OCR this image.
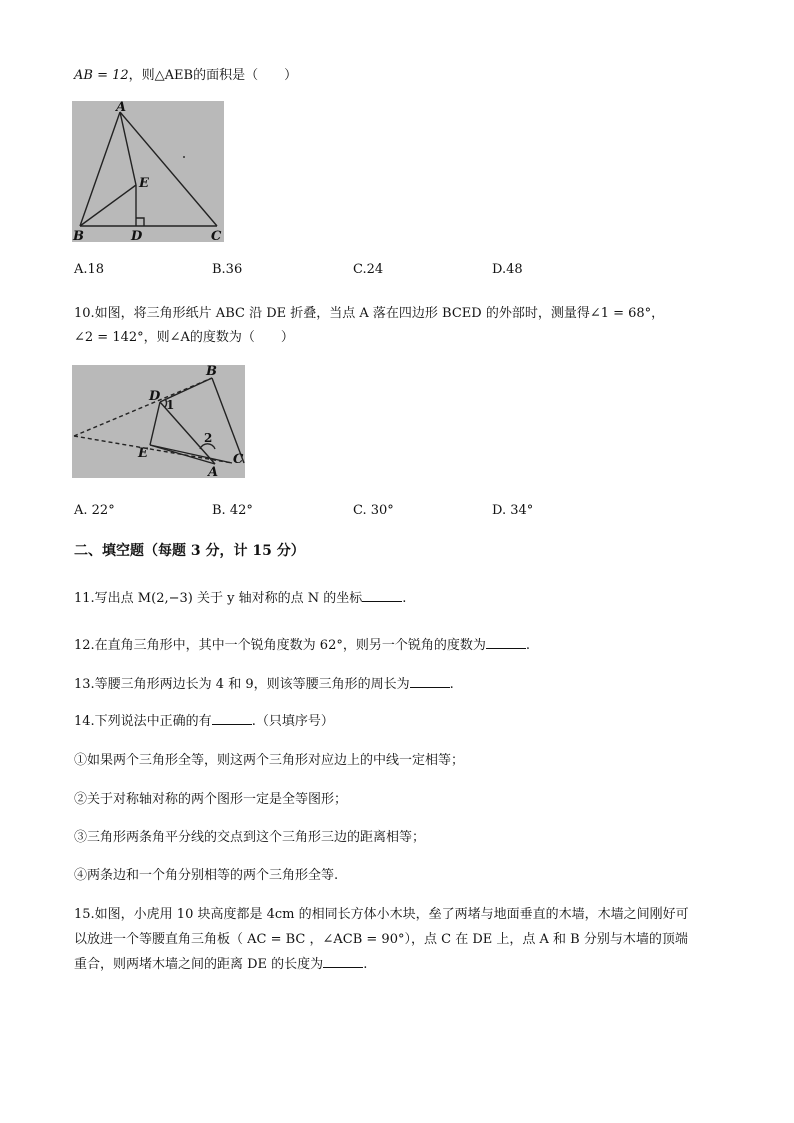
AB = 12，则△AEB的面积是（　　）
A
E
B	D	C
A.18	B.36	C.24	D.48
10.如图，将三角形纸片 ABC 沿 DE 折叠，当点 A 落在四边形 BCED 的外部时，测量得∠1 = 68°，
∠2 = 142°，则∠A的度数为（　　）
B
D
E	C
A
1
2
A. 22°	B. 42°	C. 30°	D. 34°
二、填空题（每题 3 分，计 15 分）
11.写出点 M(2,−3) 关于 y 轴对称的点 N 的坐标	.
12.在直角三角形中，其中一个锐角度数为 62°，则另一个锐角的度数为	.
13.等腰三角形两边长为 4 和 9，则该等腰三角形的周长为	.
14.下列说法中正确的有	.（只填序号）
①如果两个三角形全等，则这两个三角形对应边上的中线一定相等；
②关于对称轴对称的两个图形一定是全等图形；
③三角形两条角平分线的交点到这个三角形三边的距离相等；
④两条边和一个角分别相等的两个三角形全等.
15.如图，小虎用 10 块高度都是 4cm 的相同长方体小木块，垒了两堵与地面垂直的木墙，木墙之间刚好可
以放进一个等腰直角三角板（ AC = BC ，∠ACB = 90°），点 C 在 DE 上，点 A 和 B 分别与木墙的顶端
重合，则两堵木墙之间的距离 DE 的长度为	.
